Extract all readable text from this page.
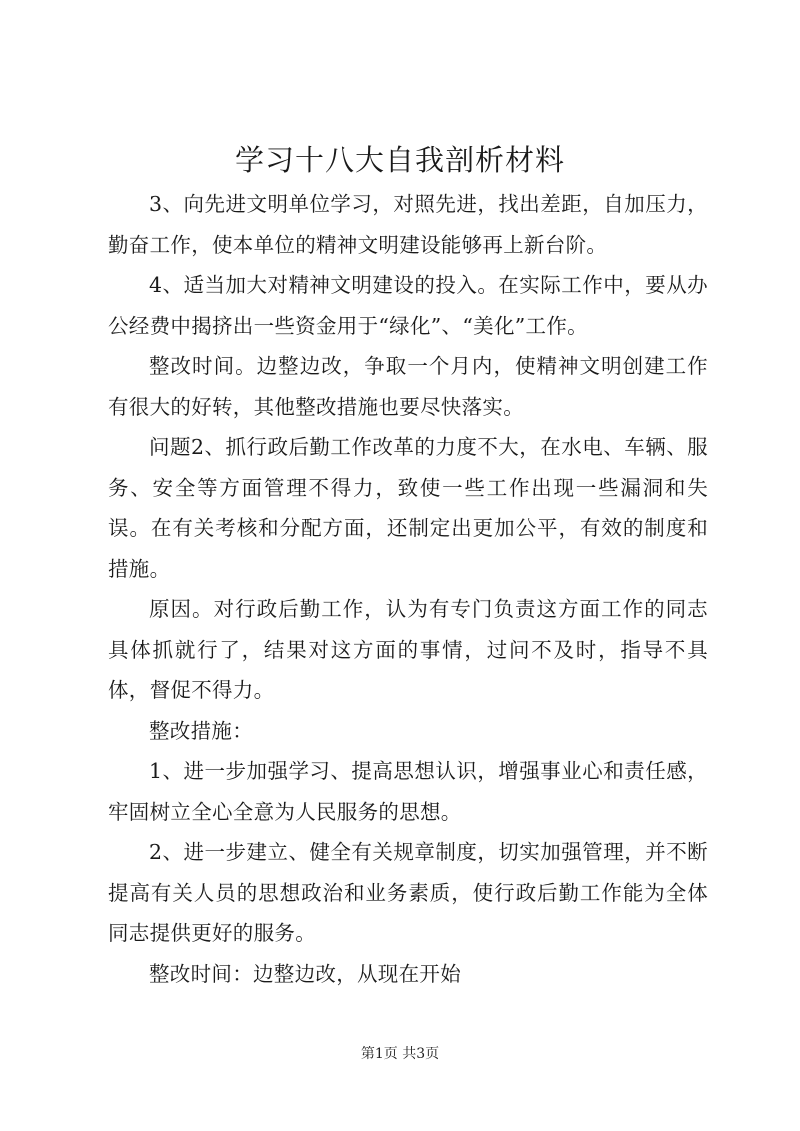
学习十八大自我剖析材料

3、向先进文明单位学习，对照先进，找出差距，自加压力，勤奋工作，使本单位的精神文明建设能够再上新台阶。

4、适当加大对精神文明建设的投入。在实际工作中，要从办公经费中揭挤出一些资金用于“绿化”、“美化”工作。

整改时间。边整边改，争取一个月内，使精神文明创建工作有很大的好转，其他整改措施也要尽快落实。

问题2、抓行政后勤工作改革的力度不大，在水电、车辆、服务、安全等方面管理不得力，致使一些工作出现一些漏洞和失误。在有关考核和分配方面，还制定出更加公平，有效的制度和措施。

原因。对行政后勤工作，认为有专门负责这方面工作的同志具体抓就行了，结果对这方面的事情，过问不及时，指导不具体，督促不得力。

整改措施：

1、进一步加强学习、提高思想认识，增强事业心和责任感，牢固树立全心全意为人民服务的思想。

2、进一步建立、健全有关规章制度，切实加强管理，并不断提高有关人员的思想政治和业务素质，使行政后勤工作能为全体同志提供更好的服务。

整改时间：边整边改，从现在开始

第1页 共3页
